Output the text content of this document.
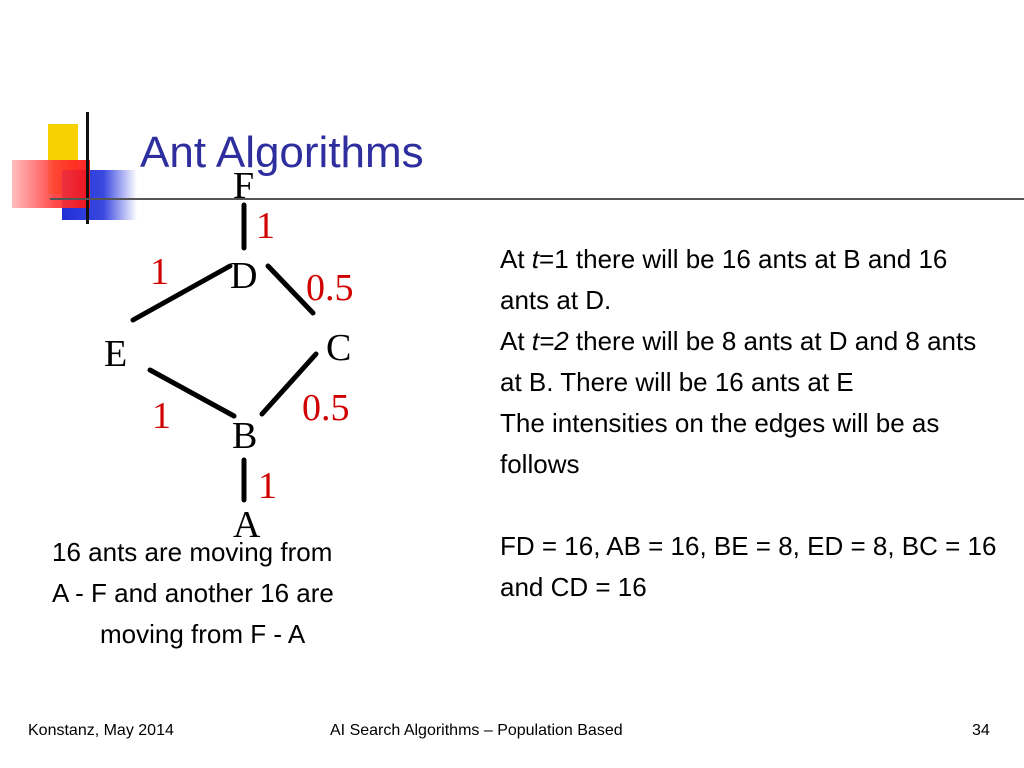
Ant Algorithms
F
D
E	C
B
A
1
1	0.5
1	0.5
1

At t=1 there will be 16 ants at B and 16 ants at D.

At t=2 there will be 8 ants at D and 8 ants at B. There will be 16 ants at E

The intensities on the edges will be as follows

FD = 16, AB = 16, BE = 8, ED = 8, BC = 16 and CD = 16

16 ants are moving from

A - F and another 16 are

moving from F - A

Konstanz, May 2014	AI Search Algorithms – Population Based	34
